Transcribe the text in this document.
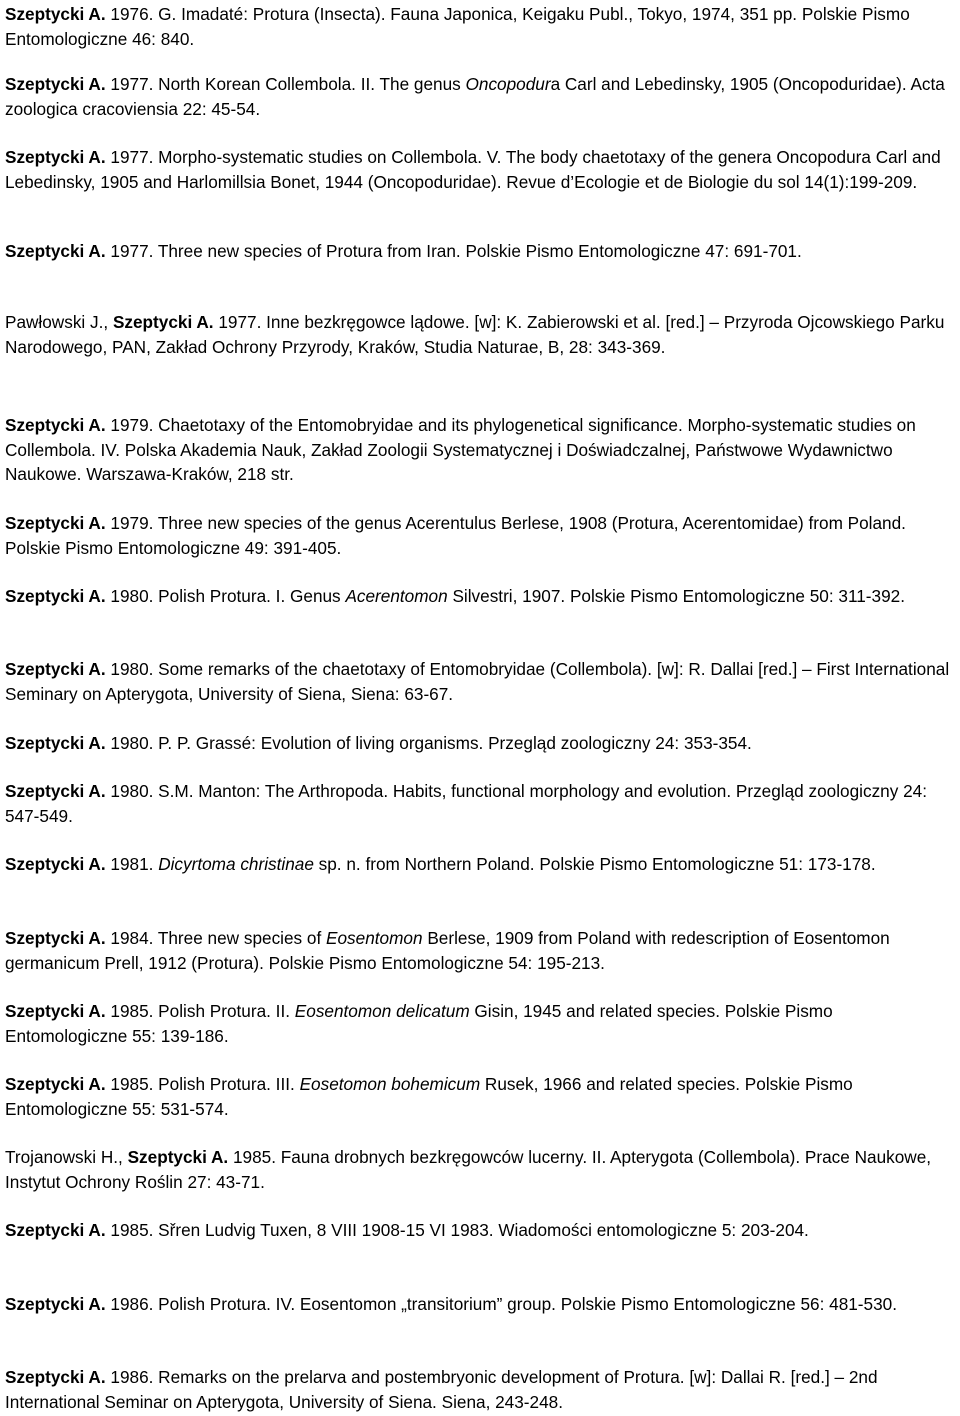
Szeptycki A. 1976. G. Imadaté: Protura (Insecta). Fauna Japonica, Keigaku Publ., Tokyo, 1974, 351 pp. Polskie Pismo Entomologiczne 46: 840.

Szeptycki A. 1977. North Korean Collembola. II. The genus Oncopodura Carl and Lebedinsky, 1905 (Oncopoduridae). Acta zoologica cracoviensia 22: 45-54.

Szeptycki A. 1977. Morpho-systematic studies on Collembola. V. The body chaetotaxy of the genera Oncopodura Carl and Lebedinsky, 1905 and Harlomillsia Bonet, 1944 (Oncopoduridae). Revue d’Ecologie et de Biologie du sol 14(1):199-209.

Szeptycki A. 1977. Three new species of Protura from Iran. Polskie Pismo Entomologiczne 47: 691-701.

Pawłowski J., Szeptycki A. 1977. Inne bezkręgowce lądowe. [w]: K. Zabierowski et al. [red.] – Przyroda Ojcowskiego Parku Narodowego, PAN, Zakład Ochrony Przyrody, Kraków, Studia Naturae, B, 28: 343-369.

Szeptycki A. 1979. Chaetotaxy of the Entomobryidae and its phylogenetical significance. Morpho-systematic studies on Collembola. IV. Polska Akademia Nauk, Zakład Zoologii Systematycznej i Doświadczalnej, Państwowe Wydawnictwo Naukowe. Warszawa-Kraków, 218 str.

Szeptycki A. 1979. Three new species of the genus Acerentulus Berlese, 1908 (Protura, Acerentomidae) from Poland. Polskie Pismo Entomologiczne 49: 391-405.

Szeptycki A. 1980. Polish Protura. I. Genus Acerentomon Silvestri, 1907. Polskie Pismo Entomologiczne 50: 311-392.

Szeptycki A. 1980. Some remarks of the chaetotaxy of Entomobryidae (Collembola). [w]: R. Dallai [red.] – First International Seminary on Apterygota, University of Siena, Siena: 63-67.

Szeptycki A. 1980. P. P. Grassé: Evolution of living organisms. Przegląd zoologiczny 24: 353-354.

Szeptycki A. 1980. S.M. Manton: The Arthropoda. Habits, functional morphology and evolution. Przegląd zoologiczny 24: 547-549.

Szeptycki A. 1981. Dicyrtoma christinae sp. n. from Northern Poland. Polskie Pismo Entomologiczne 51: 173-178.

Szeptycki A. 1984. Three new species of Eosentomon Berlese, 1909 from Poland with redescription of Eosentomon germanicum Prell, 1912 (Protura). Polskie Pismo Entomologiczne 54: 195-213.

Szeptycki A. 1985. Polish Protura. II. Eosentomon delicatum Gisin, 1945 and related species. Polskie Pismo Entomologiczne 55: 139-186.

Szeptycki A. 1985. Polish Protura. III. Eosetomon bohemicum Rusek, 1966 and related species. Polskie Pismo Entomologiczne 55: 531-574.

Trojanowski H., Szeptycki A. 1985. Fauna drobnych bezkręgowców lucerny. II. Apterygota (Collembola). Prace Naukowe, Instytut Ochrony Roślin 27: 43-71.

Szeptycki A. 1985. Sřren Ludvig Tuxen, 8 VIII 1908-15 VI 1983. Wiadomości entomologiczne 5: 203-204.

Szeptycki A. 1986. Polish Protura. IV. Eosentomon „transitorium” group. Polskie Pismo Entomologiczne 56: 481-530.

Szeptycki A. 1986. Remarks on the prelarva and postembryonic development of Protura. [w]: Dallai R. [red.] – 2nd International Seminar on Apterygota, University of Siena. Siena, 243-248.
